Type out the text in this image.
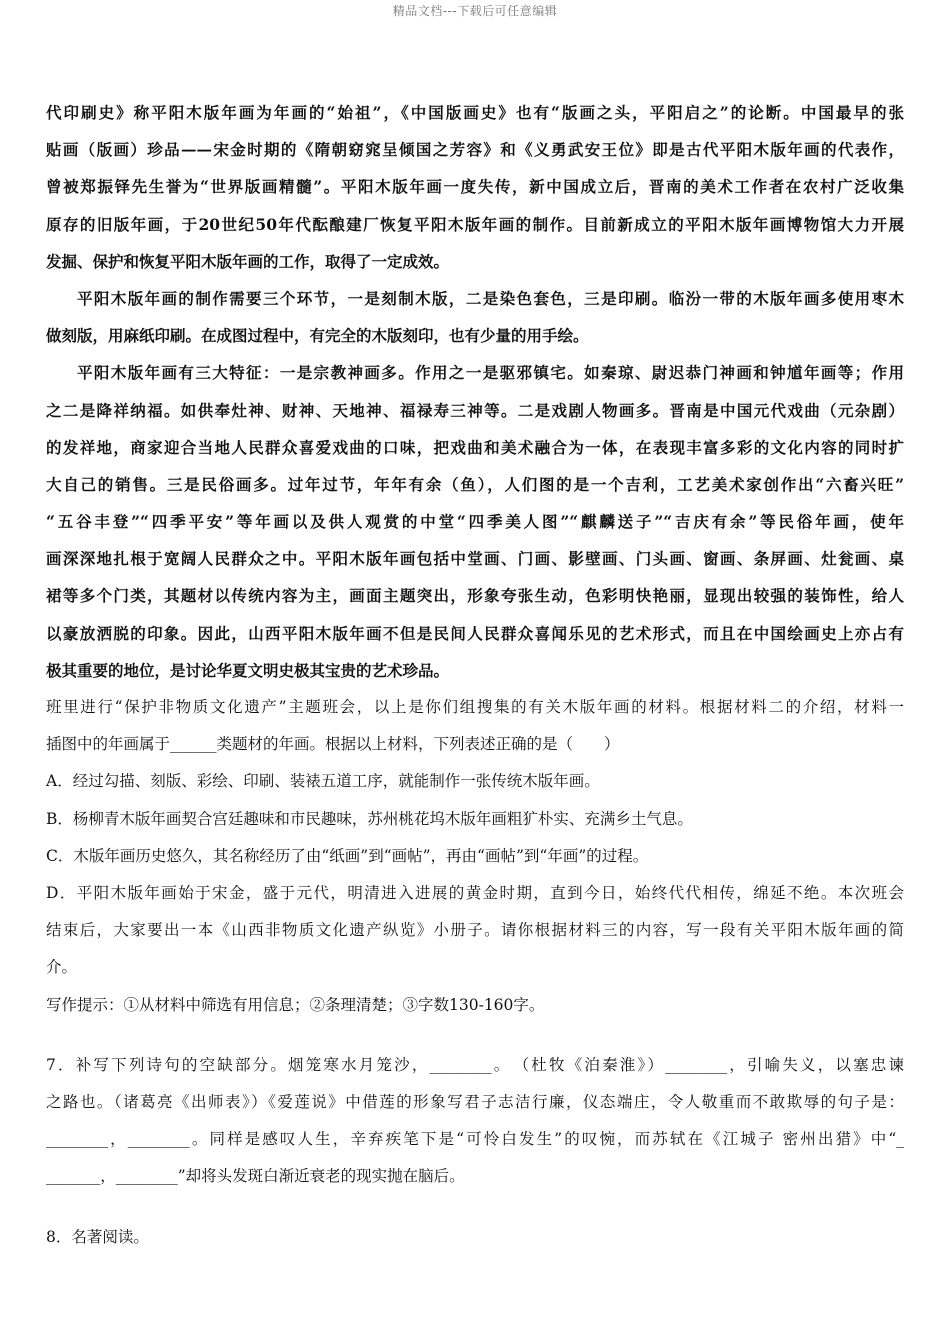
精品文档---下载后可任意编辑
代印刷史》称平阳木版年画为年画的“始祖”，《中国版画史》也有“版画之头，平阳启之”的论断。中国最早的张
贴画（版画）珍品——宋金时期的《隋朝窈窕呈倾国之芳容》和《义勇武安王位》即是古代平阳木版年画的代表作，
曾被郑振铎先生誉为“世界版画精髓”。平阳木版年画一度失传，新中国成立后，晋南的美术工作者在农村广泛收集
原存的旧版年画，于20世纪50年代酝酿建厂恢复平阳木版年画的制作。目前新成立的平阳木版年画博物馆大力开展
发掘、保护和恢复平阳木版年画的工作，取得了一定成效。
平阳木版年画的制作需要三个环节，一是刻制木版，二是染色套色，三是印刷。临汾一带的木版年画多使用枣木
做刻版，用麻纸印刷。在成图过程中，有完全的木版刻印，也有少量的用手绘。
平阳木版年画有三大特征：一是宗教神画多。作用之一是驱邪镇宅。如秦琼、尉迟恭门神画和钟馗年画等；作用
之二是降祥纳福。如供奉灶神、财神、天地神、福禄寿三神等。二是戏剧人物画多。晋南是中国元代戏曲（元杂剧）
的发祥地，商家迎合当地人民群众喜爱戏曲的口味，把戏曲和美术融合为一体，在表现丰富多彩的文化内容的同时扩
大自己的销售。三是民俗画多。过年过节，年年有余（鱼），人们图的是一个吉利，工艺美术家创作出“六畜兴旺”
“五谷丰登”“四季平安”等年画以及供人观赏的中堂“四季美人图”“麒麟送子”“吉庆有余”等民俗年画，使年
画深深地扎根于宽阔人民群众之中。平阳木版年画包括中堂画、门画、影壁画、门头画、窗画、条屏画、灶瓮画、桌
裙等多个门类，其题材以传统内容为主，画面主题突出，形象夸张生动，色彩明快艳丽，显现出较强的装饰性，给人
以豪放洒脱的印象。因此，山西平阳木版年画不但是民间人民群众喜闻乐见的艺术形式，而且在中国绘画史上亦占有
极其重要的地位，是讨论华夏文明史极其宝贵的艺术珍品。
班里进行“保护非物质文化遗产”主题班会，以上是你们组搜集的有关木版年画的材料。根据材料二的介绍，材料一
插图中的年画属于______类题材的年画。根据以上材料，下列表述正确的是（　　）
A．经过勾描、刻版、彩绘、印刷、装裱五道工序，就能制作一张传统木版年画。
B．杨柳青木版年画契合宫廷趣味和市民趣味，苏州桃花坞木版年画粗犷朴实、充满乡土气息。
C．木版年画历史悠久，其名称经历了由“纸画”到“画帖”，再由“画帖”到“年画”的过程。
D．平阳木版年画始于宋金，盛于元代，明清进入进展的黄金时期，直到今日，始终代代相传，绵延不绝。本次班会
结束后，大家要出一本《山西非物质文化遗产纵览》小册子。请你根据材料三的内容，写一段有关平阳木版年画的简
介。
写作提示：①从材料中筛选有用信息；②条理清楚；③字数130-160字。
7．补写下列诗句的空缺部分。烟笼寒水月笼沙，________。　（杜牧《泊秦淮》）________，引喻失义，以塞忠谏
之路也。（诸葛亮《出师表》）《爱莲说》中借莲的形象写君子志洁行廉，仪态端庄，令人敬重而不敢欺辱的句子是：
________，________。同样是感叹人生，辛弃疾笔下是“可怜白发生”的叹惋，而苏轼在《江城子 密州出猎》中“_
_______，________”却将头发斑白渐近衰老的现实抛在脑后。
8．名著阅读。
